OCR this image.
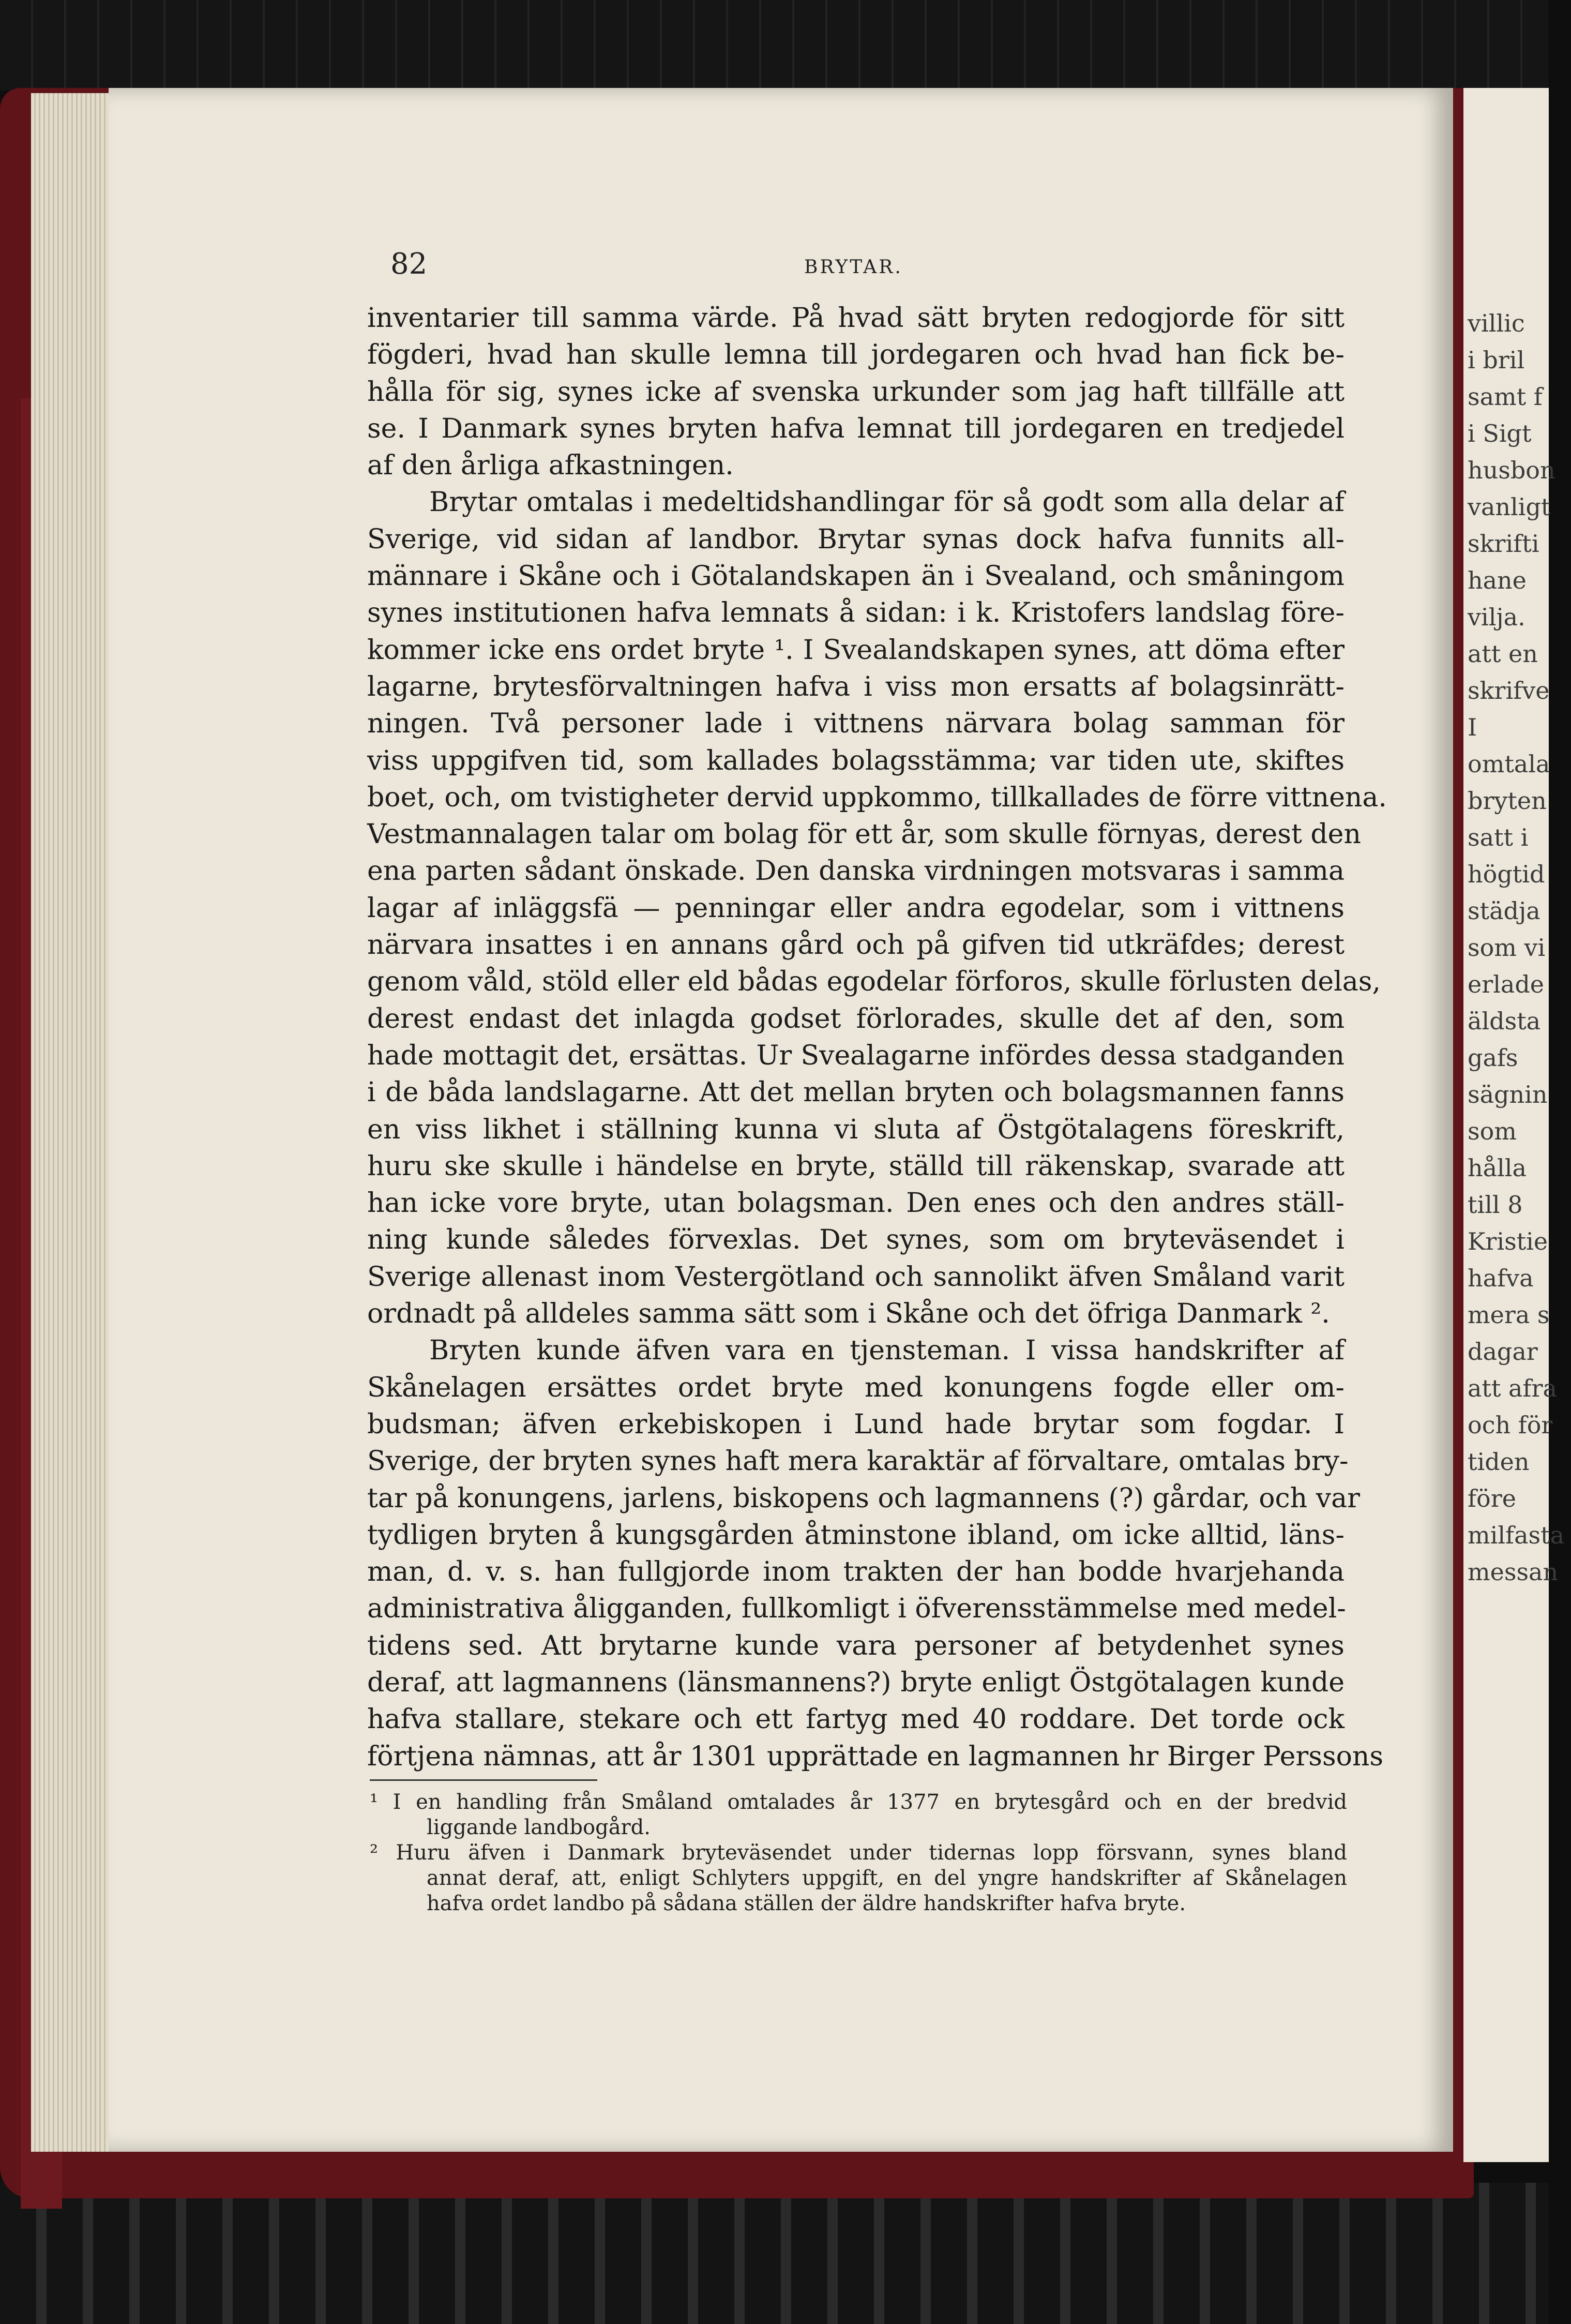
villic
i bril
samt f
i Sigt
husbon
vanligt
skrifti
hane
vilja.
att en
skrifve
I
omtala
bryten
satt i
högtid
städja
som vi
erlade
äldsta
gafs
sägnin
som
hålla
till 8
Kristie
hafva
mera s
dagar
att afra
och för
tiden
före
milfasta
messan
82	BRYTAR.
inventarier till samma värde. På hvad sätt bryten redogjorde för sitt
fögderi, hvad han skulle lemna till jordegaren och hvad han fick be-
hålla för sig, synes icke af svenska urkunder som jag haft tillfälle att
se. I Danmark synes bryten hafva lemnat till jordegaren en tredjedel
af den årliga afkastningen.
Brytar omtalas i medeltidshandlingar för så godt som alla delar af
Sverige, vid sidan af landbor. Brytar synas dock hafva funnits all-
männare i Skåne och i Götalandskapen än i Svealand, och småningom
synes institutionen hafva lemnats å sidan: i k. Kristofers landslag före-
kommer icke ens ordet bryte ¹. I Svealandskapen synes, att döma efter
lagarne, brytesförvaltningen hafva i viss mon ersatts af bolagsinrätt-
ningen. Två personer lade i vittnens närvara bolag samman för
viss uppgifven tid, som kallades bolagsstämma; var tiden ute, skiftes
boet, och, om tvistigheter dervid uppkommo, tillkallades de förre vittnena.
Vestmannalagen talar om bolag för ett år, som skulle förnyas, derest den
ena parten sådant önskade. Den danska virdningen motsvaras i samma
lagar af inläggsfä — penningar eller andra egodelar, som i vittnens
närvara insattes i en annans gård och på gifven tid utkräfdes; derest
genom våld, stöld eller eld bådas egodelar förforos, skulle förlusten delas,
derest endast det inlagda godset förlorades, skulle det af den, som
hade mottagit det, ersättas. Ur Svealagarne infördes dessa stadganden
i de båda landslagarne. Att det mellan bryten och bolagsmannen fanns
en viss likhet i ställning kunna vi sluta af Östgötalagens föreskrift,
huru ske skulle i händelse en bryte, ställd till räkenskap, svarade att
han icke vore bryte, utan bolagsman. Den enes och den andres ställ-
ning kunde således förvexlas. Det synes, som om bryteväsendet i
Sverige allenast inom Vestergötland och sannolikt äfven Småland varit
ordnadt på alldeles samma sätt som i Skåne och det öfriga Danmark ².
Bryten kunde äfven vara en tjensteman. I vissa handskrifter af
Skånelagen ersättes ordet bryte med konungens fogde eller om-
budsman; äfven erkebiskopen i Lund hade brytar som fogdar. I
Sverige, der bryten synes haft mera karaktär af förvaltare, omtalas bry-
tar på konungens, jarlens, biskopens och lagmannens (?) gårdar, och var
tydligen bryten å kungsgården åtminstone ibland, om icke alltid, läns-
man, d. v. s. han fullgjorde inom trakten der han bodde hvarjehanda
administrativa åligganden, fullkomligt i öfverensstämmelse med medel-
tidens sed. Att brytarne kunde vara personer af betydenhet synes
deraf, att lagmannens (länsmannens?) bryte enligt Östgötalagen kunde
hafva stallare, stekare och ett fartyg med 40 roddare. Det torde ock
förtjena nämnas, att år 1301 upprättade en lagmannen hr Birger Perssons
¹ I en handling från Småland omtalades år 1377 en brytesgård och en der bredvid
liggande landbogård.
² Huru äfven i Danmark bryteväsendet under tidernas lopp försvann, synes bland
annat deraf, att, enligt Schlyters uppgift, en del yngre handskrifter af Skånelagen
hafva ordet landbo på sådana ställen der äldre handskrifter hafva bryte.
